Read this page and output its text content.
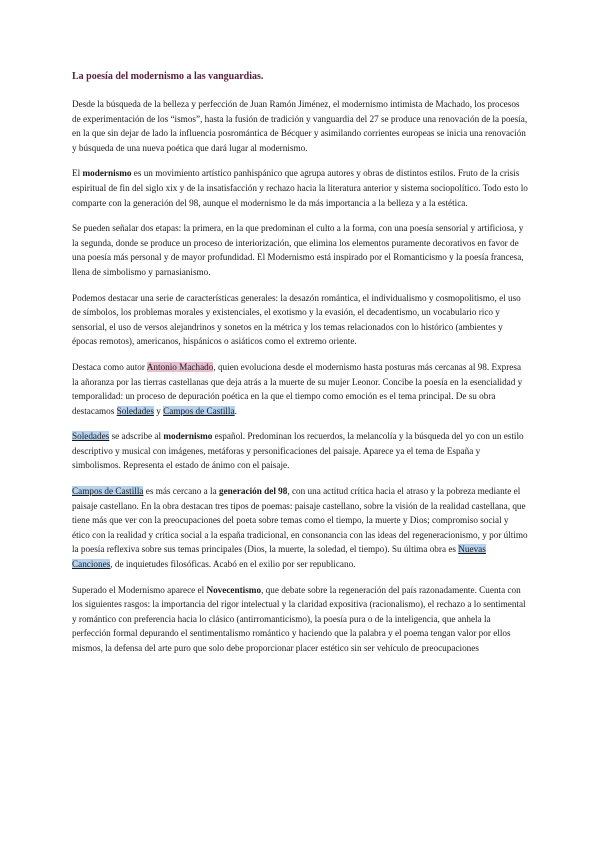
La poesía del modernismo a las vanguardias.

Desde la búsqueda de la belleza y perfección de Juan Ramón Jiménez, el modernismo intimista de Machado, los procesos de experimentación de los “ismos”, hasta la fusión de tradición y vanguardia del 27 se produce una renovación de la poesía, en la que sin dejar de lado la influencia posromántica de Bécquer y asimilando corrientes europeas se inicia una renovación y búsqueda de una nueva poética que dará lugar al modernismo.

El modernismo es un movimiento artístico panhispánico que agrupa autores y obras de distintos estilos. Fruto de la crisis espiritual de fin del siglo xix y de la insatisfacción y rechazo hacia la literatura anterior y sistema sociopolítico. Todo esto lo comparte con la generación del 98, aunque el modernismo le da más importancia a la belleza y a la estética.

Se pueden señalar dos etapas: la primera, en la que predominan el culto a la forma, con una poesía sensorial y artificiosa, y la segunda, donde se produce un proceso de interiorización, que elimina los elementos puramente decorativos en favor de una poesía más personal y de mayor profundidad. El Modernismo está inspirado por el Romanticismo y la poesía francesa, llena de simbolismo y parnasianismo.

Podemos destacar una serie de características generales: la desazón romántica, el individualismo y cosmopolitismo, el uso de símbolos, los problemas morales y existenciales, el exotismo y la evasión, el decadentismo, un vocabulario rico y sensorial, el uso de versos alejandrinos y sonetos en la métrica y los temas relacionados con lo histórico (ambientes y épocas remotos), americanos, hispánicos o asiáticos como el extremo oriente.

Destaca como autor Antonio Machado, quien evoluciona desde el modernismo hasta posturas más cercanas al 98. Expresa la añoranza por las tierras castellanas que deja atrás a la muerte de su mujer Leonor. Concibe la poesía en la esencialidad y temporalidad: un proceso de depuración poética en la que el tiempo como emoción es el tema principal. De su obra destacamos Soledades y Campos de Castilla.

Soledades se adscribe al modernismo español. Predominan los recuerdos, la melancolía y la búsqueda del yo con un estilo descriptivo y musical con imágenes, metáforas y personificaciones del paisaje. Aparece ya el tema de España y simbolismos. Representa el estado de ánimo con el paisaje.

Campos de Castilla es más cercano a la generación del 98, con una actitud crítica hacia el atraso y la pobreza mediante el paisaje castellano. En la obra destacan tres tipos de poemas: paisaje castellano, sobre la visión de la realidad castellana, que tiene más que ver con la preocupaciones del poeta sobre temas como el tiempo, la muerte y Dios; compromiso social y ético con la realidad y crítica social a la españa tradicional, en consonancia con las ideas del regeneracionismo, y por último la poesía reflexiva sobre sus temas principales (Dios, la muerte, la soledad, el tiempo). Su última obra es Nuevas Canciones, de inquietudes filosóficas. Acabó en el exilio por ser republicano.

Superado el Modernismo aparece el Novecentismo, que debate sobre la regeneración del país razonadamente. Cuenta con los siguientes rasgos: la importancia del rigor intelectual y la claridad expositiva (racionalismo), el rechazo a lo sentimental y romántico con preferencia hacia lo clásico (antirromanticismo), la poesía pura o de la inteligencia, que anhela la perfección formal depurando el sentimentalismo romántico y haciendo que la palabra y el poema tengan valor por ellos mismos, la defensa del arte puro que solo debe proporcionar placer estético sin ser vehículo de preocupaciones
